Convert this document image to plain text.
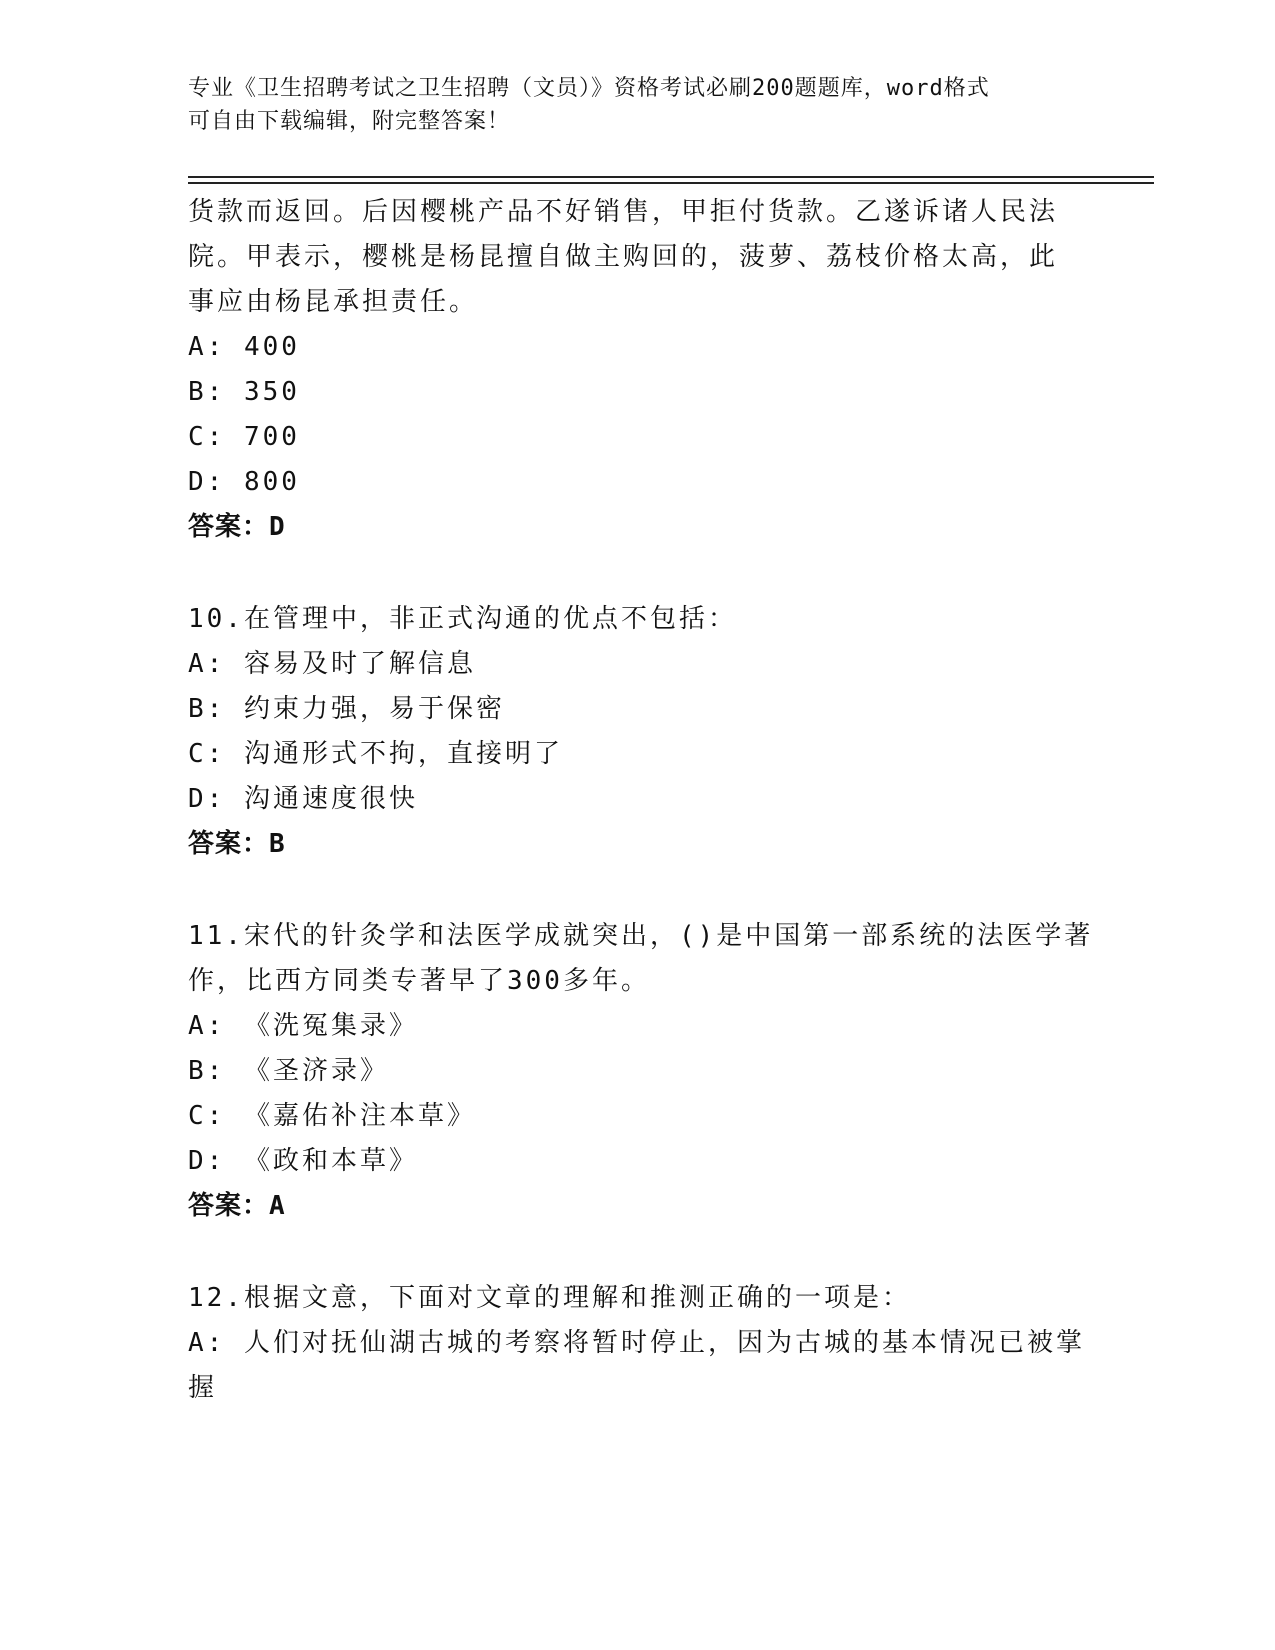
专业《卫生招聘考试之卫生招聘（文员）》资格考试必刷200题题库，word格式
可自由下载编辑，附完整答案！
货款而返回。后因樱桃产品不好销售，甲拒付货款。乙遂诉诸人民法
院。甲表示，樱桃是杨昆擅自做主购回的，菠萝、荔枝价格太高，此
事应由杨昆承担责任。
A: 400
B: 350
C: 700
D: 800
答案：D
10.在管理中，非正式沟通的优点不包括：
A: 容易及时了解信息
B: 约束力强，易于保密
C: 沟通形式不拘，直接明了
D: 沟通速度很快
答案：B
11.宋代的针灸学和法医学成就突出，()是中国第一部系统的法医学著
作，比西方同类专著早了300多年。
A: 《洗冤集录》
B: 《圣济录》
C: 《嘉佑补注本草》
D: 《政和本草》
答案：A
12.根据文意，下面对文章的理解和推测正确的一项是：
A: 人们对抚仙湖古城的考察将暂时停止，因为古城的基本情况已被掌
握
